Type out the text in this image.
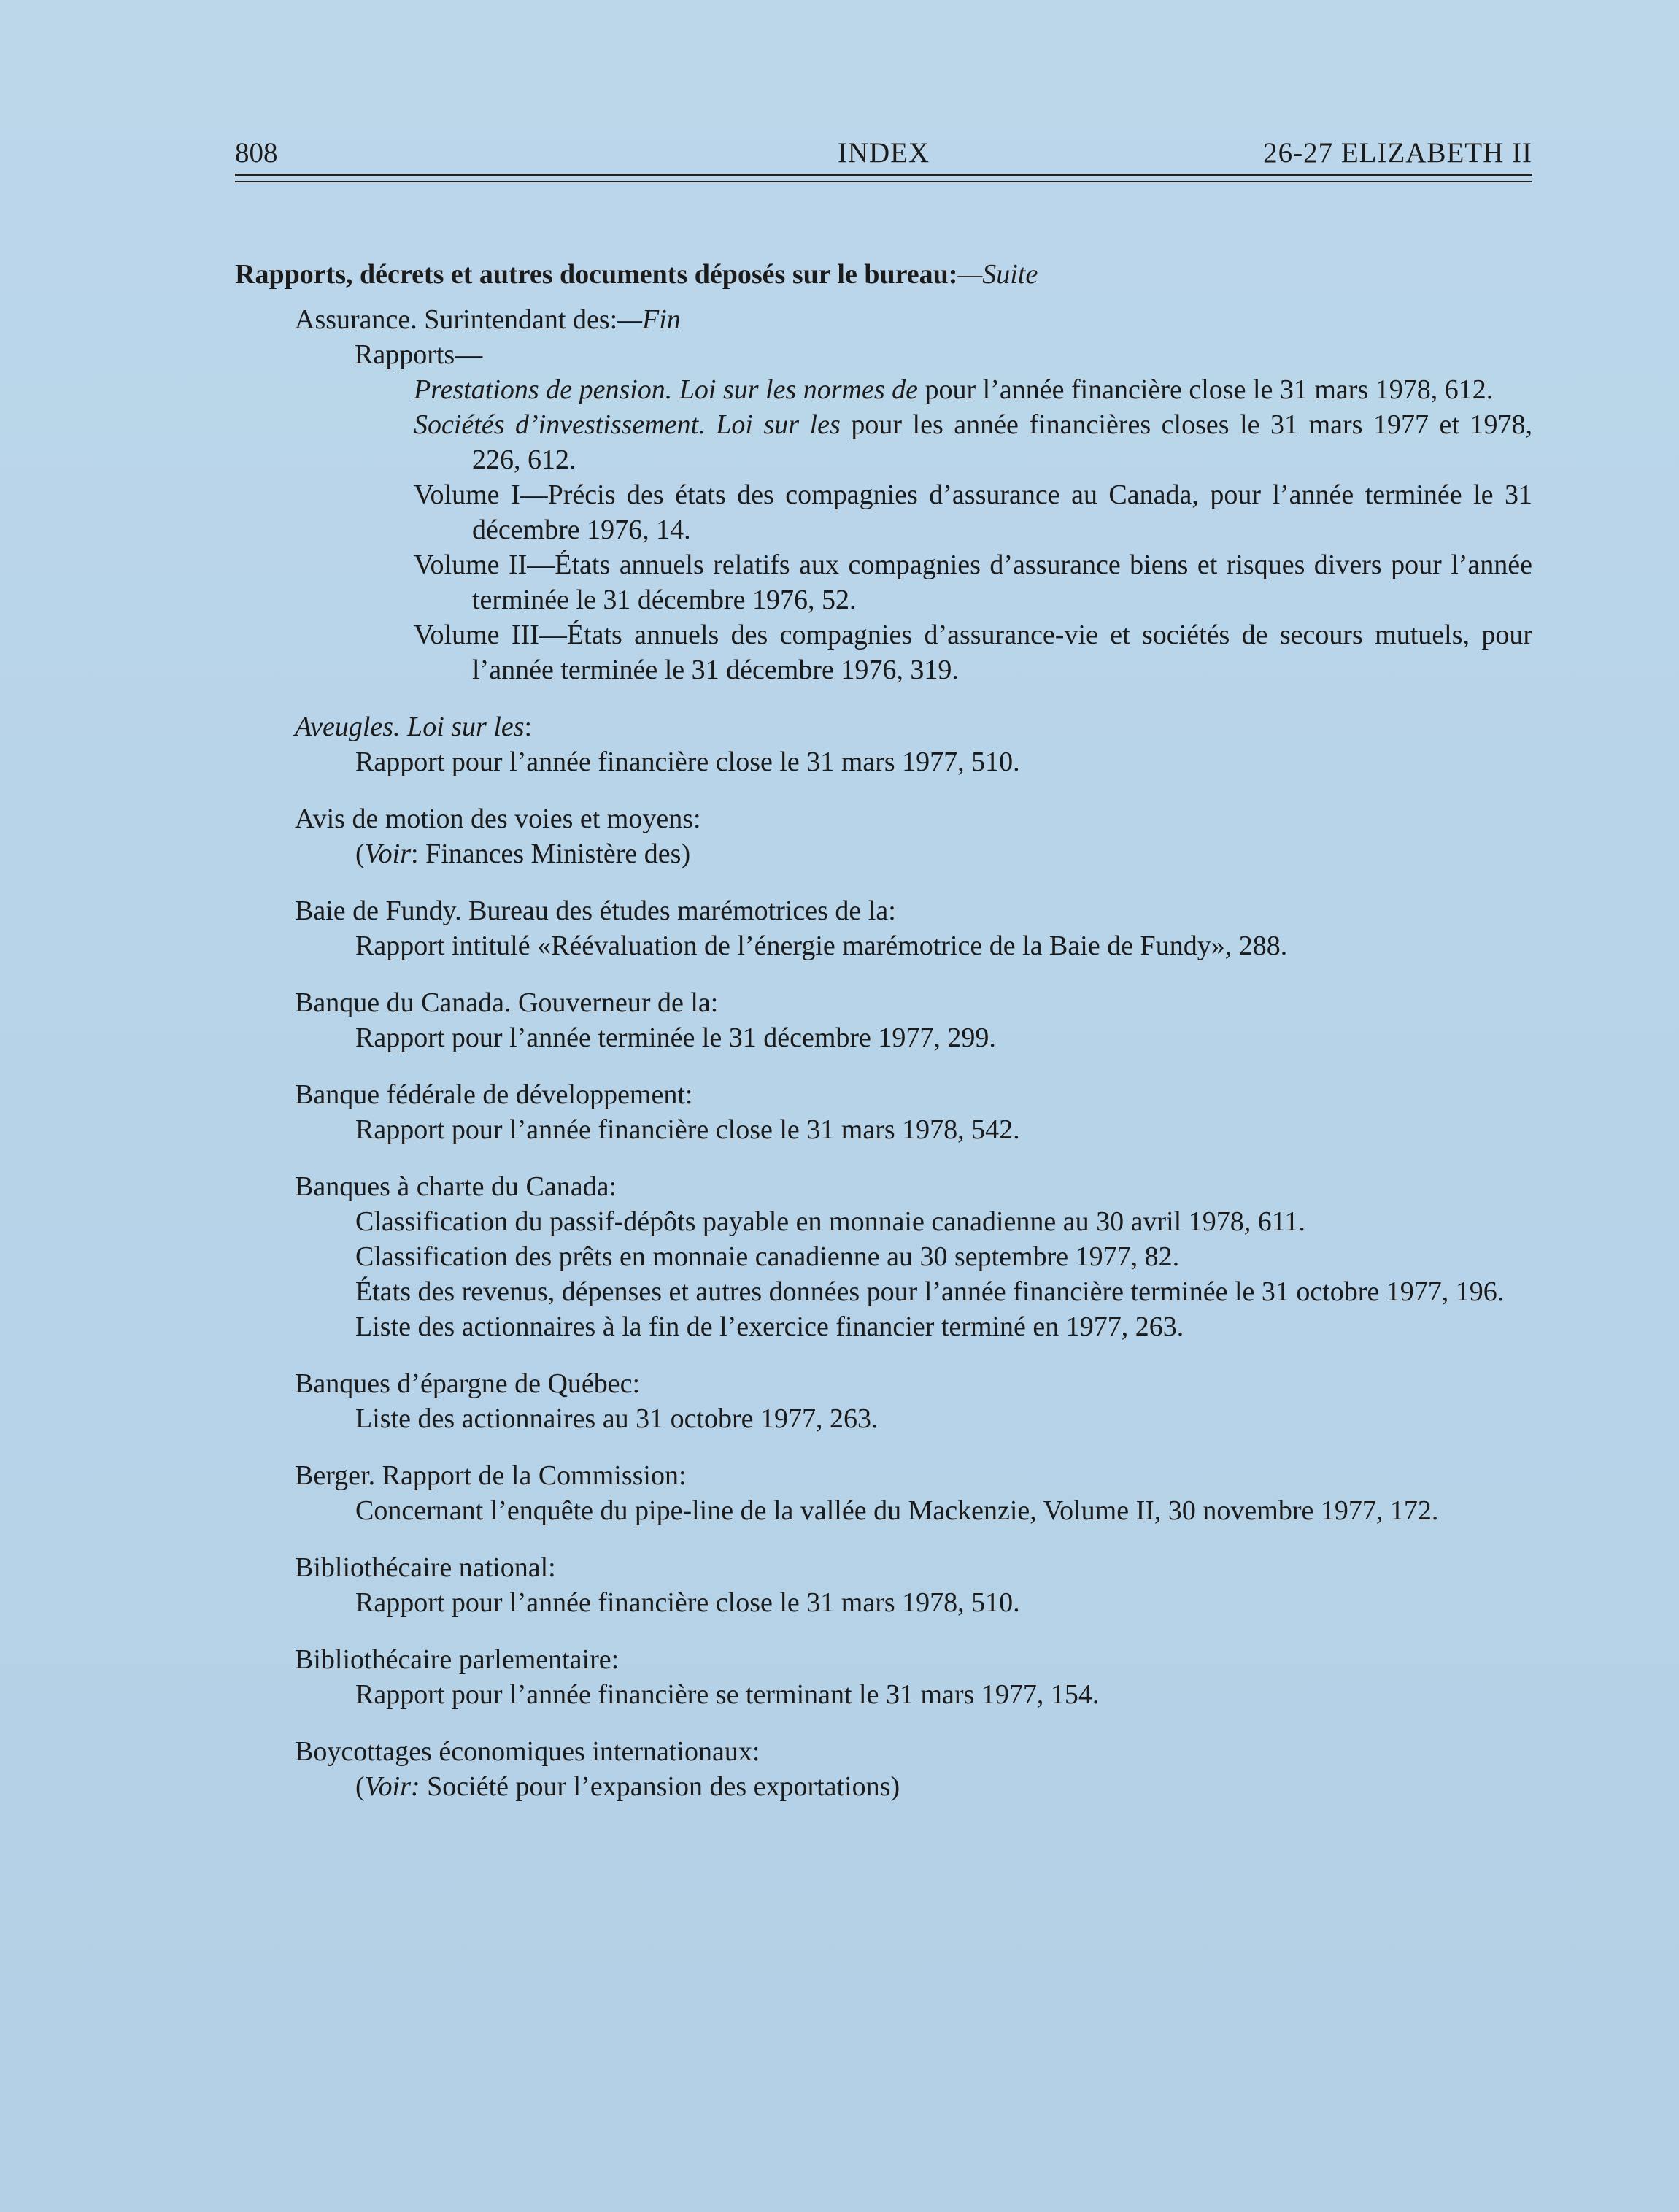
808	INDEX	26-27 ELIZABETH II

Rapports, décrets et autres documents déposés sur le bureau:—Suite

Assurance. Surintendant des:—Fin

Rapports—

Prestations de pension. Loi sur les normes de pour l’année financière close le 31 mars 1978, 612.

Sociétés d’investissement. Loi sur les pour les année financières closes le 31 mars 1977 et 1978, 226, 612.

Volume I—Précis des états des compagnies d’assurance au Canada, pour l’année terminée le 31 décembre 1976, 14.

Volume II—États annuels relatifs aux compagnies d’assurance biens et risques divers pour l’année terminée le 31 décembre 1976, 52.

Volume III—États annuels des compagnies d’assurance-vie et sociétés de secours mutuels, pour l’année terminée le 31 décembre 1976, 319.

Aveugles. Loi sur les:

Rapport pour l’année financière close le 31 mars 1977, 510.

Avis de motion des voies et moyens:

(Voir: Finances Ministère des)

Baie de Fundy. Bureau des études marémotrices de la:

Rapport intitulé «Réévaluation de l’énergie marémotrice de la Baie de Fundy», 288.

Banque du Canada. Gouverneur de la:

Rapport pour l’année terminée le 31 décembre 1977, 299.

Banque fédérale de développement:

Rapport pour l’année financière close le 31 mars 1978, 542.

Banques à charte du Canada:

Classification du passif-dépôts payable en monnaie canadienne au 30 avril 1978, 611.

Classification des prêts en monnaie canadienne au 30 septembre 1977, 82.

États des revenus, dépenses et autres données pour l’année financière terminée le 31 octobre 1977, 196.

Liste des actionnaires à la fin de l’exercice financier terminé en 1977, 263.

Banques d’épargne de Québec:

Liste des actionnaires au 31 octobre 1977, 263.

Berger. Rapport de la Commission:

Concernant l’enquête du pipe-line de la vallée du Mackenzie, Volume II, 30 novembre 1977, 172.

Bibliothécaire national:

Rapport pour l’année financière close le 31 mars 1978, 510.

Bibliothécaire parlementaire:

Rapport pour l’année financière se terminant le 31 mars 1977, 154.

Boycottages économiques internationaux:

(Voir: Société pour l’expansion des exportations)
